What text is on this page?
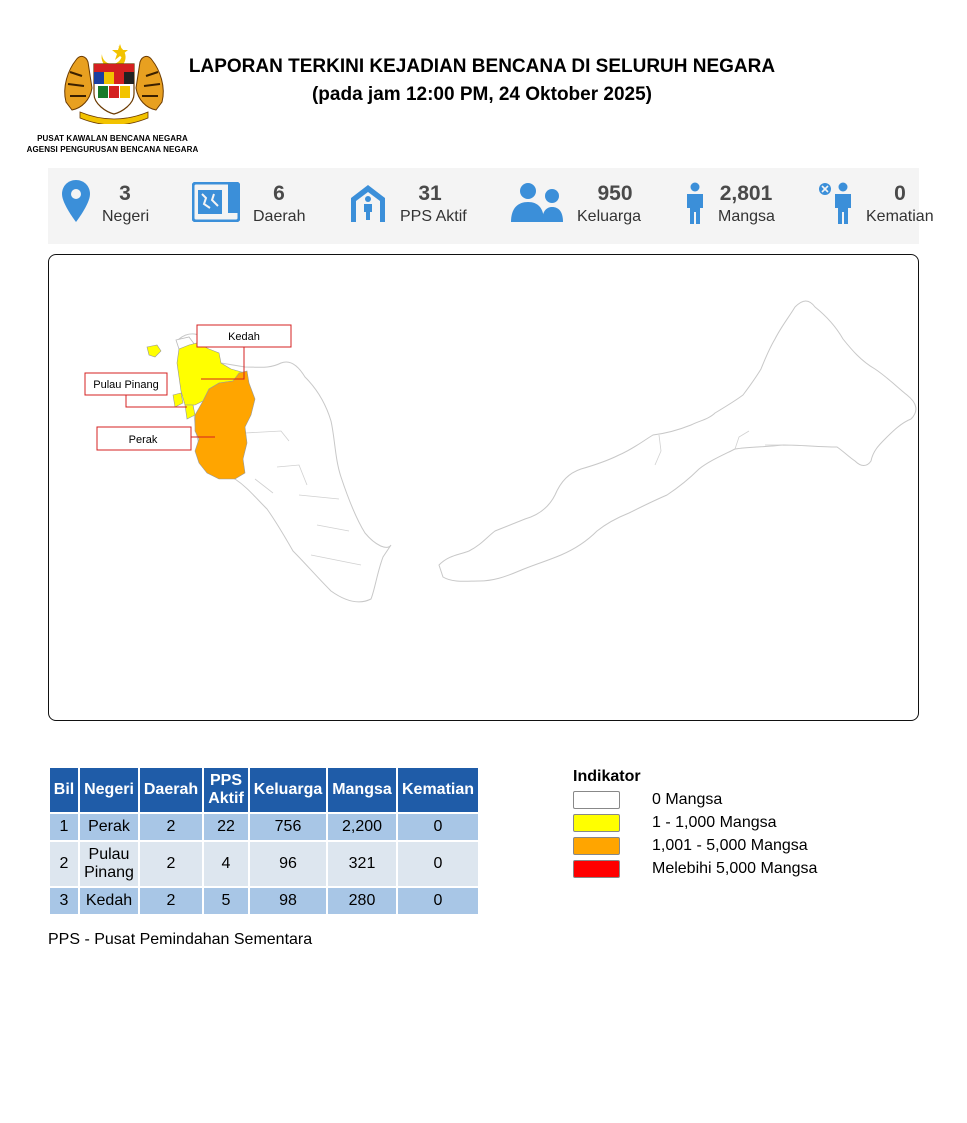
PUSAT KAWALAN BENCANA NEGARA
AGENSI PENGURUSAN BENCANA NEGARA
LAPORAN TERKINI KEJADIAN BENCANA DI SELURUH NEGARA
(pada jam 12:00 PM, 24 Oktober 2025)
3
Negeri
6
Daerah
31
PPS Aktif
950
Keluarga
2,801
Mangsa
0
Kematian
Kedah
Pulau Pinang
Perak
Bil	Negeri	Daerah	PPS Aktif	Keluarga	Mangsa	Kematian
1	Perak	2	22	756	2,200	0
2	Pulau Pinang	2	4	96	321	0
3	Kedah	2	5	98	280	0
PPS - Pusat Pemindahan Sementara
Indikator
0 Mangsa
1 - 1,000 Mangsa
1,001 - 5,000 Mangsa
Melebihi 5,000 Mangsa
